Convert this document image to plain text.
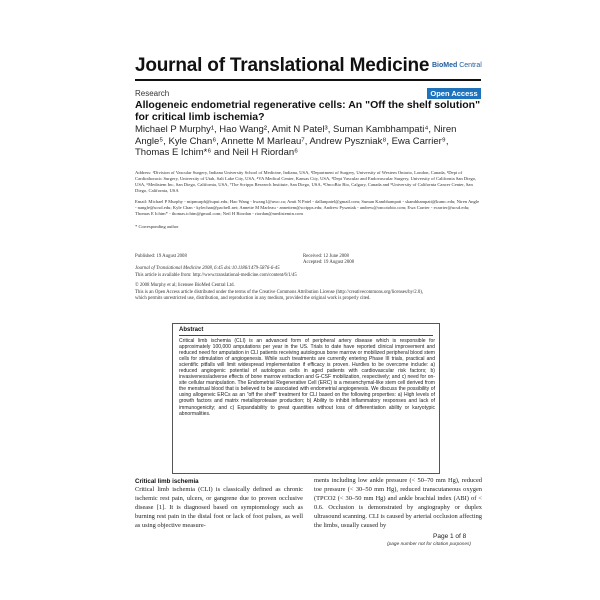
Journal of Translational Medicine BioMed Central
Research	Open Access
Allogeneic endometrial regenerative cells: An "Off the shelf solution" for critical limb ischemia?
Michael P Murphy¹, Hao Wang², Amit N Patel³, Suman Kambhampati⁴, Niren Angle⁵, Kyle Chan⁶, Annette M Marleau⁷, Andrew Pyszniak⁸, Ewa Carrier⁹, Thomas E Ichim*⁶ and Neil H Riordan⁶
Address: ¹Division of Vascular Surgery, Indiana University School of Medicine, Indiana, USA, ²Department of Surgery, University of Western Ontario, London, Canada, ³Dept of Cardiothoracic Surgery, University of Utah, Salt Lake City, USA, ⁴VA Medical Center, Kansas City, USA, ⁵Dept Vascular and Endovascular Surgery, University of California San Diego, USA, ⁶Medistem Inc, San Diego, California, USA, ⁷The Scripps Research Institute, San Diego, USA, ⁸OncoBio Bio, Calgary, Canada and ⁹University of California Cancer Center, San Diego, California, USA
Email: Michael P Murphy - mipmurph@iupui.edu; Hao Wang - hwang1@uwo.ca; Amit N Patel - dallanpatel@gmail.com; Suman Kambhampati - skambhampati@kumc.edu; Niren Angle - nangle@ucsd.edu; Kyle Chan - kylechan@pacbell.net; Annette M Marleau - annettem@scripps.edu; Andrew Pyszniak - andrew@oncotobio.com; Ewa Carrier - ecarrier@ucsd.edu; Thomas E Ichim* - thomas.ichim@gmail.com; Neil H Riordan - riordan@medistemin.com
* Corresponding author
Published: 19 August 2008	Received: 12 June 2008
Accepted: 19 August 2008
Journal of Translational Medicine 2008, 6:45 doi:10.1186/1479-5876-6-45
This article is available from: http://www.translational-medicine.com/content/6/1/45
© 2008 Murphy et al; licensee BioMed Central Ltd.
This is an Open Access article distributed under the terms of the Creative Commons Attribution License (http://creativecommons.org/licenses/by/2.0),
which permits unrestricted use, distribution, and reproduction in any medium, provided the original work is properly cited.
Abstract
Critical limb ischemia (CLI) is an advanced form of peripheral artery disease which is responsible for approximately 100,000 amputations per year in the US. Trials to date have reported clinical improvement and reduced need for amputation in CLI patients receiving autologous bone marrow or mobilized peripheral blood stem cells for stimulation of angiogenesis. While such treatments are currently entering Phase III trials, practical and scientific pitfalls will limit widespread implementation if efficacy is proven. Hurdles to be overcome include: a) reduced angiogenic potential of autologous cells in aged patients with cardiovascular risk factors; b) invasiveness/adverse effects of bone marrow extraction and G-CSF mobilization, respectively; and c) need for on-site cellular manipulation. The Endometrial Regenerative Cell (ERC) is a mesenchymal-like stem cell derived from the menstrual blood that is believed to be associated with endometrial angiogenesis. We discuss the possibility of using allogeneic ERCs as an "off the shelf" treatment for CLI based on the following properties: a) High levels of growth factors and matrix metalloprotease production; b) Ability to inhibit inflammatory responses and lack of immunogenicity; and c) Expandability to great quantities without loss of differentiation ability or karyotypic abnormalities.
Critical limb ischemia
Critical limb ischemia (CLI) is classically defined as chronic ischemic rest pain, ulcers, or gangrene due to proven occlusive disease [1]. It is diagnosed based on symptomology such as burning rest pain in the distal foot or lack of foot pulses, as well as using objective measure-
ments including low ankle pressure (< 50–70 mm Hg), reduced toe pressure (< 30–50 mm Hg), reduced transcutaneous oxygen (TPCO2 (< 30–50 mm Hg) and ankle brachial index (ABI) of < 0.6. Occlusion is demonstrated by angiography or duplex ultrasound scanning. CLI is caused by arterial occlusion affecting the limbs, usually caused by
Page 1 of 8
(page number not for citation purposes)
